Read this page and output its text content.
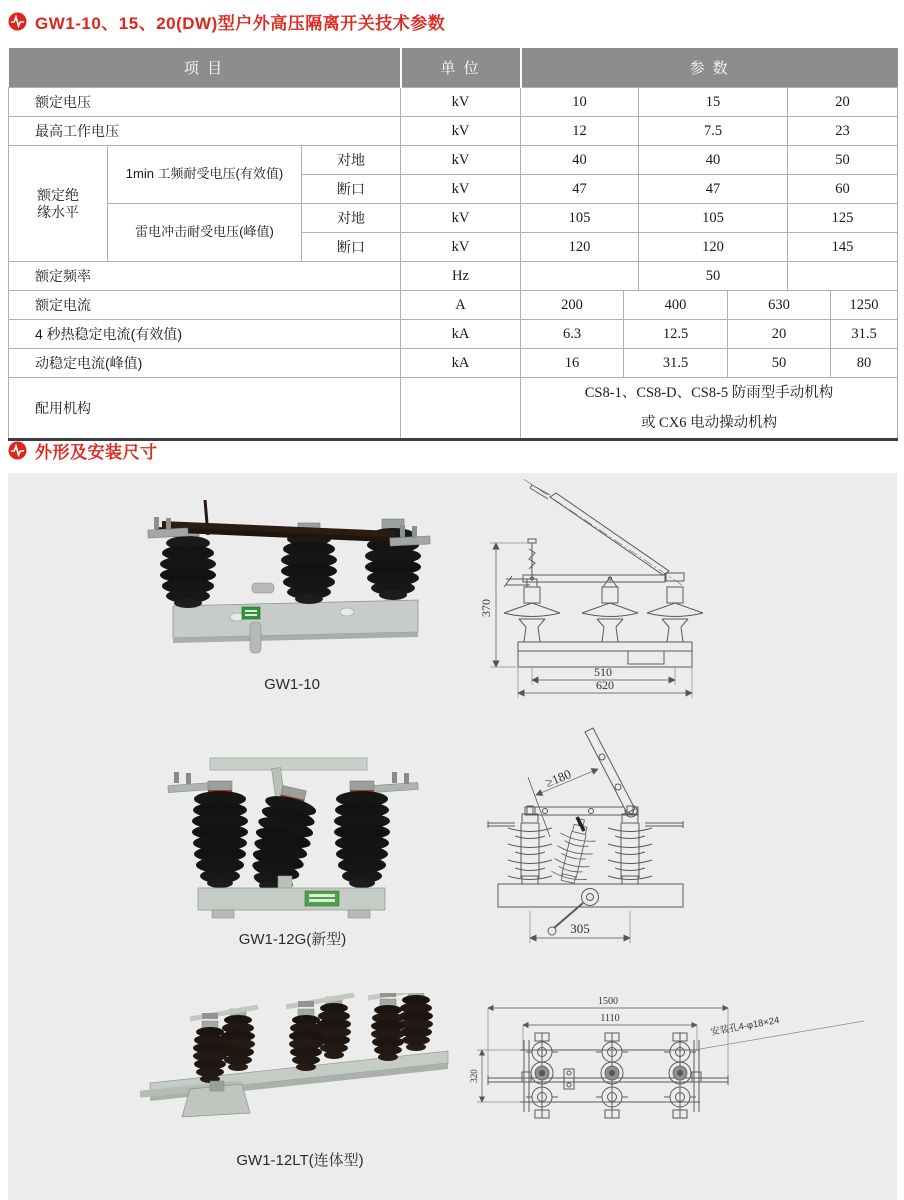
GW1-10、15、20(DW)型户外高压隔离开关技术参数
项 目			单 位	参 数					
额定电压			kV	10		15		20	
最高工作电压			kV	12		7.5		23	
额定绝缘水平	1min 工频耐受电压(有效值)	对地	kV	40		40		50	
		断口	kV	47		47		60	
	雷电冲击耐受电压(峰值)	对地	kV	105		105		125	
		断口	kV	120		120		145	
额定频率			Hz			50			
额定电流			A	200	400		630		1250
4 秒热稳定电流(有效值)			kA	6.3	12.5		20		31.5
动稳定电流(峰值)			kA	16	31.5		50		80
配用机构				CS8-1、CS8-D、CS8-5 防雨型手动机构
或 CX6 电动操动机构					
外形及安装尺寸
GW1-10
370
510
620
GW1-12G(新型)
≥180
305
GW1-12LT(连体型)
1500
1110
320
安装孔4-φ18×24
